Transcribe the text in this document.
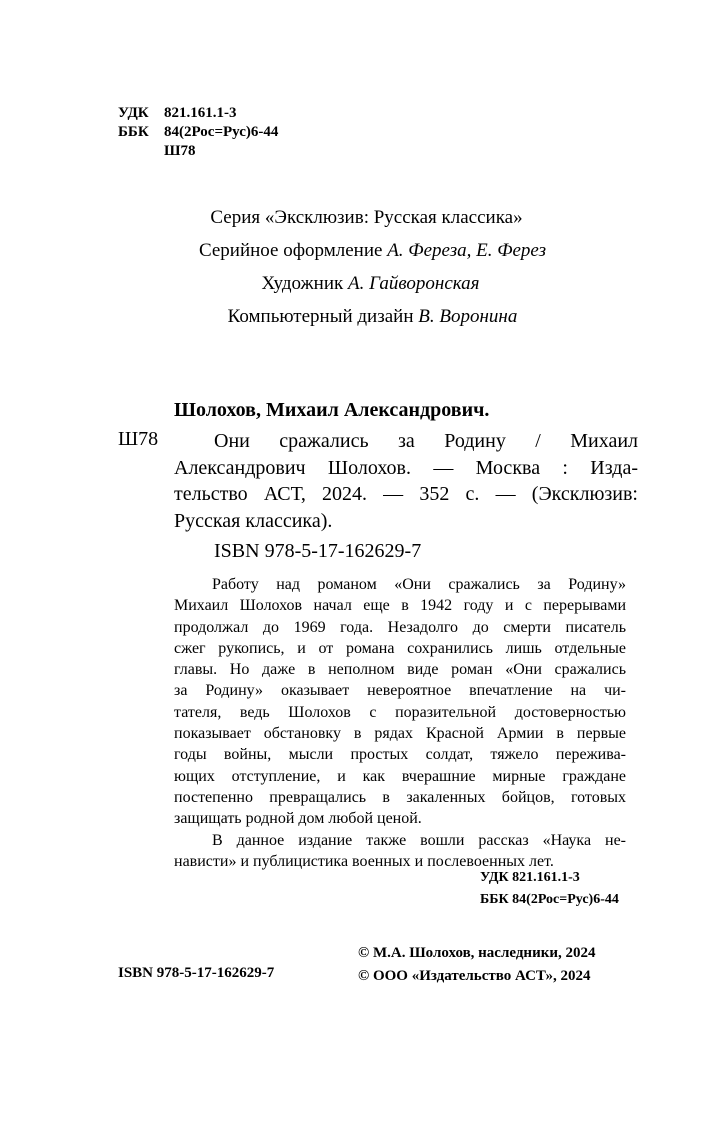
УДК 821.161.1-3
ББК 84(2Рос=Рус)6-44
Ш78
Серия «Эксклюзив: Русская классика»
Серийное оформление А. Фереза, Е. Ферез
Художник А. Гайворонская
Компьютерный дизайн В. Воронина
Шолохов, Михаил Александрович.
Ш78	Они сражались за Родину / Михаил
Александрович Шолохов. — Москва : Изда-
тельство АСТ, 2024. — 352 с. — (Эксклюзив:
Русская классика).
ISBN 978-5-17-162629-7
Работу над романом «Они сражались за Родину»
Михаил Шолохов начал еще в 1942 году и с перерывами
продолжал до 1969 года. Незадолго до смерти писатель
сжег рукопись, и от романа сохранились лишь отдельные
главы. Но даже в неполном виде роман «Они сражались
за Родину» оказывает невероятное впечатление на чи-
тателя, ведь Шолохов с поразительной достоверностью
показывает обстановку в рядах Красной Армии в первые
годы войны, мысли простых солдат, тяжело пережива-
ющих отступление, и как вчерашние мирные граждане
постепенно превращались в закаленных бойцов, готовых
защищать родной дом любой ценой.
В данное издание также вошли рассказ «Наука не-
нависти» и публицистика военных и послевоенных лет.
УДК 821.161.1-3
ББК 84(2Рос=Рус)6-44
© М.А. Шолохов, наследники, 2024
© ООО «Издательство АСТ», 2024
ISBN 978-5-17-162629-7
